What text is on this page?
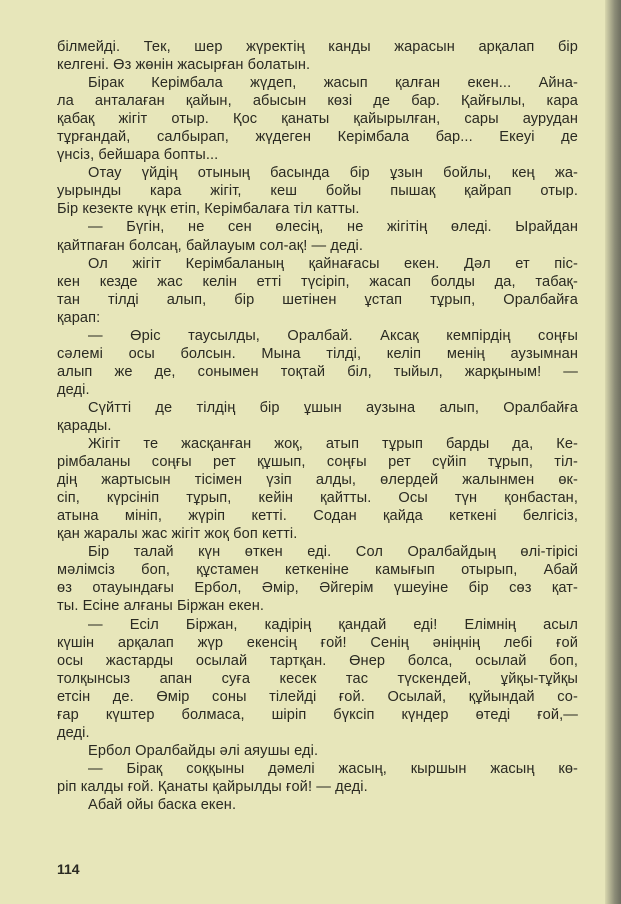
білмейді. Тек, шер жүректің канды жарасын арқалап бір
келгені. Өз жөнін жасырған болатын.
Бірак Керімбала жүдеп, жасып қалған екен... Айна-
ла анталаған қайын, абысын көзі де бар. Қайғылы, кара
қабақ жігіт отыр. Қос қанаты қайырылған, сары аурудан
тұрғандай, салбырап, жүдеген Керімбала бар... Екеуі де
үнсіз, бейшара бопты...
Отау үйдің отының басында бір ұзын бойлы, кең жа-
уырынды кара жігіт, кеш бойы пышақ қайрап отыр.
Бір кезекте күңк етіп, Керімбалаға тіл катты.
— Бүгін, не сен өлесің, не жігітің өледі. Ырайдан
қайтпаған болсаң, байлауым сол-ақ! — деді.
Ол жігіт Керімбаланың қайнағасы екен. Дәл ет піс-
кен кезде жас келін етті түсіріп, жасап болды да, табақ-
тан тілді алып, бір шетінен ұстап тұрып, Оралбайға
қарап:
— Өріс таусылды, Оралбай. Аксақ кемпірдің соңғы
сәлемі осы болсын. Мына тілді, келіп менің аузымнан
алып же де, сонымен тоқтай біл, тыйыл, жарқыным! —
деді.
Сүйтті де тілдің бір ұшын аузына алып, Оралбайға
қарады.
Жігіт те жасқанған жоқ, атып тұрып барды да, Ке-
рімбаланы соңғы рет құшып, соңғы рет сүйіп тұрып, тіл-
дің жартысын тісімен үзіп алды, өлердей жалынмен өк-
сіп, күрсініп тұрып, кейін қайтты. Осы түн қонбастан,
атына мініп, жүріп кетті. Содан қайда кеткені белгісіз,
қан жаралы жас жігіт жоқ боп кетті.
Бір талай күн өткен еді. Сол Оралбайдың өлі-тірісі
мәлімсіз боп, құстамен кеткеніне камығып отырып, Абай
өз отауындағы Ербол, Әмір, Әйгерім үшеуіне бір сөз қат-
ты. Есіне алғаны Біржан екен.
— Есіл Біржан, кадірің қандай еді! Елімнің асыл
күшін арқалап жүр екенсің ғой! Сенің әніңнің лебі ғой
осы жастарды осылай тартқан. Өнер болса, осылай боп,
толқынсыз апан суға кесек тас түскендей, ұйқы-тұйқы
етсін де. Өмір соны тілейді ғой. Осылай, құйындай со-
ғар күштер болмаса, шіріп бүксіп күндер өтеді ғой,—
деді.
Ербол Оралбайды әлі аяушы еді.
— Бірақ соққыны дәмелі жасың, кыршын жасың кө-
ріп калды ғой. Қанаты қайрылды ғой! — деді.
Абай ойы баска екен.
114
